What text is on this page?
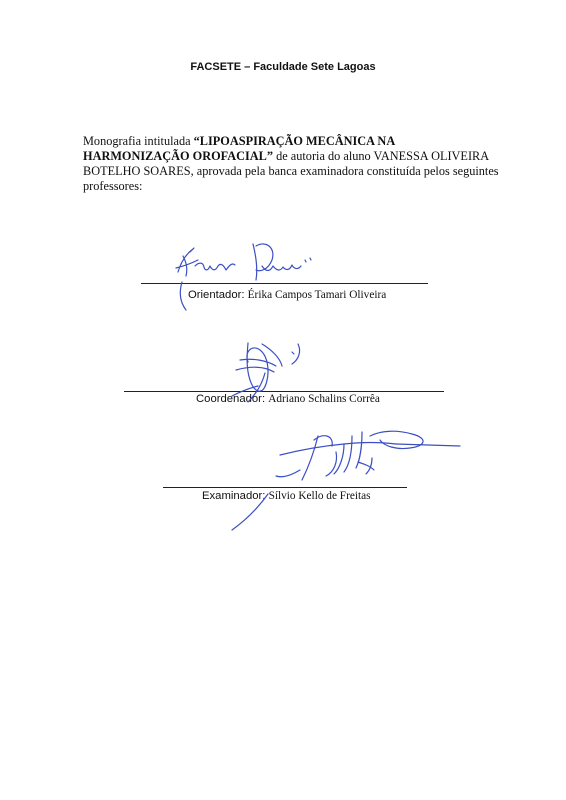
FACSETE – Faculdade Sete Lagoas
Monografia intitulada “LIPOASPIRAÇÃO MECÂNICA NA HARMONIZAÇÃO OROFACIAL” de autoria do aluno VANESSA OLIVEIRA BOTELHO SOARES, aprovada pela banca examinadora constituída pelos seguintes professores:
Orientador: Érika Campos Tamari Oliveira
Coordenador: Adriano Schalins Corrêa
Examinador: Sílvio Kello de Freitas
